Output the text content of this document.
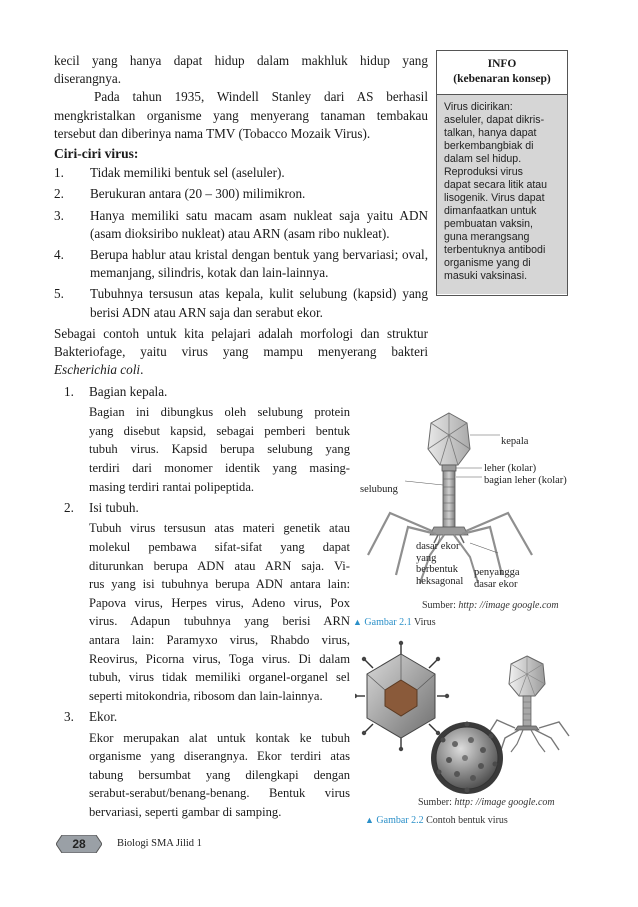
kecil yang hanya dapat hidup dalam makhluk hidup yang

diserangnya.

Pada tahun 1935, Windell Stanley dari AS berhasil

mengkristalkan organisme yang menyerang tanaman tembakau

tersebut dan diberinya nama TMV (Tobacco Mozaik Virus).

Ciri-ciri virus:

1.	Tidak memiliki bentuk sel (aseluler).

2.	Berukuran antara (20 – 300) milimikron.

3.	Hanya memiliki satu macam asam nukleat saja yaitu ADN

(asam dioksiribo nukleat) atau ARN (asam ribo nukleat).

4.	Berupa hablur atau kristal dengan bentuk yang bervariasi; oval,

memanjang, silindris, kotak dan lain-lainnya.

5.	Tubuhnya tersusun atas kepala, kulit selubung (kapsid) yang

berisi ADN atau ARN saja dan serabut ekor.

Sebagai contoh untuk kita pelajari adalah morfologi dan struktur

Bakteriofage, yaitu virus yang mampu menyerang bakteri

Escherichia coli.

INFO
(kebenaran konsep)
Virus dicirikan:
aseluler, dapat dikris-
talkan, hanya dapat
berkembangbiak di
dalam sel hidup.
Reproduksi virus
dapat secara litik atau
lisogenik. Virus dapat
dimanfaatkan untuk
pembuatan vaksin,
guna merangsang
terbentuknya antibodi
organisme yang di
masuki vaksinasi.
1.	Bagian kepala.
Bagian ini dibungkus oleh selubung protein
yang disebut kapsid, sebagai pemberi bentuk
tubuh virus. Kapsid berupa selubung yang
terdiri dari monomer identik yang masing-
masing terdiri rantai polipeptida.
2.	Isi tubuh.
Tubuh virus tersusun atas materi genetik atau
molekul pembawa sifat-sifat yang dapat
diturunkan berupa ADN atau ARN saja. Vi-
rus yang isi tubuhnya berupa ADN antara lain:
Papova virus, Herpes virus, Adeno virus, Pox
virus. Adapun tubuhnya yang berisi ARN
antara lain: Paramyxo virus, Rhabdo virus,
Reovirus, Picorna virus, Toga virus. Di dalam
tubuh, virus tidak memiliki organel-organel sel
seperti mitokondria, ribosom dan lain-lainnya.
3.	Ekor.
Ekor merupakan alat untuk kontak ke tubuh
organisme yang diserangnya. Ekor terdiri atas
tabung bersumbat yang dilengkapi dengan
serabut-serabut/benang-benang. Bentuk virus
bervariasi, seperti gambar di samping.
kepala
leher (kolar)
bagian leher (kolar)
selubung
dasar ekor
yang
berbentuk
heksagonal
penyangga
dasar ekor
Sumber: http: //image google.com
▲ Gambar 2.1 Virus
Sumber: http: //image google.com
▲ Gambar 2.2 Contoh bentuk virus
28	Biologi SMA Jilid 1
